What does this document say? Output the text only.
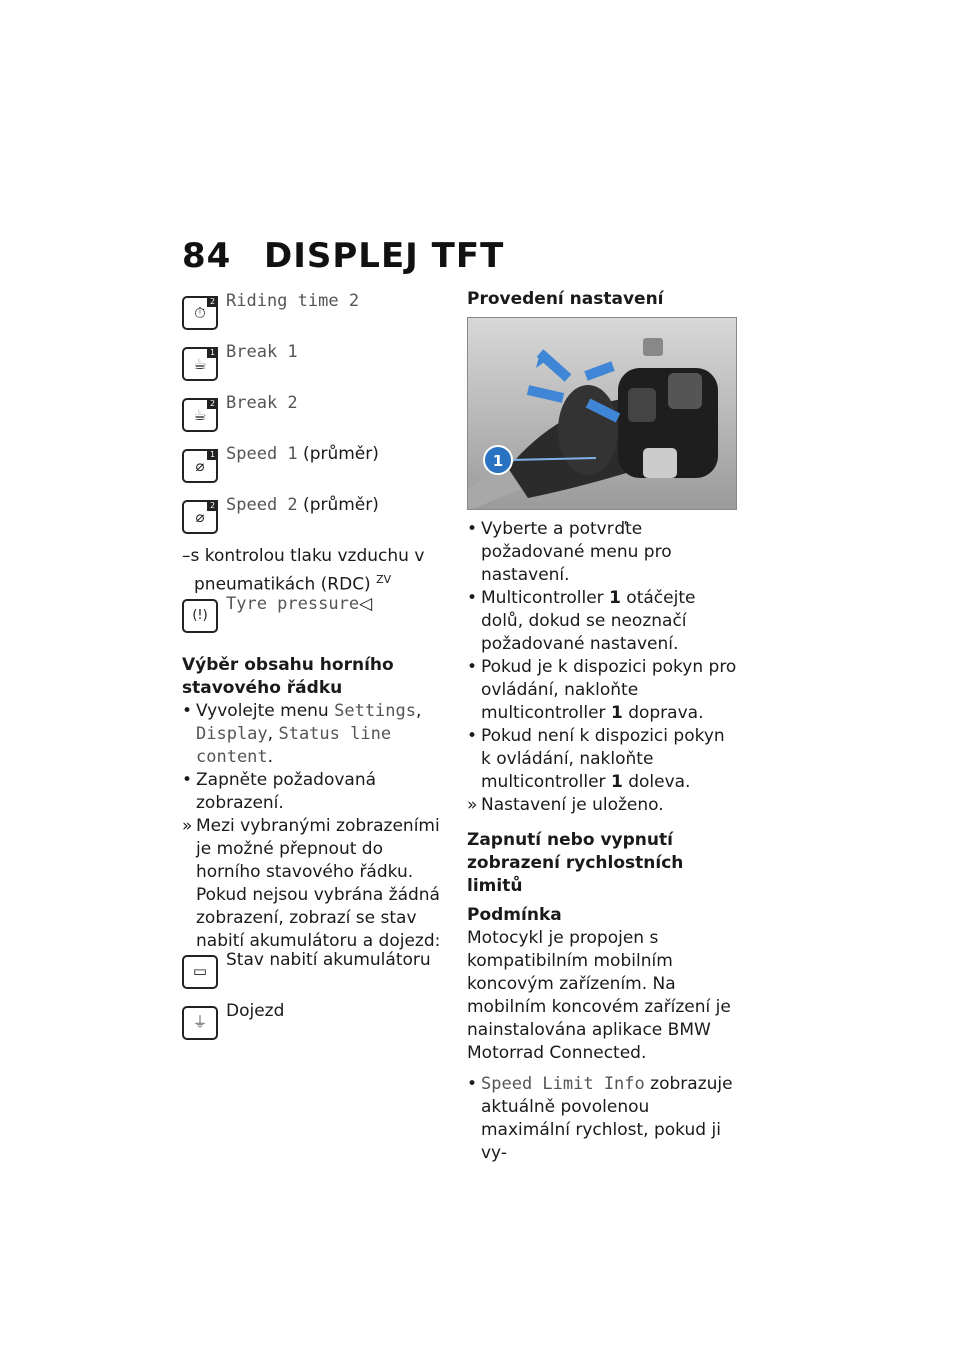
84 DISPLEJ TFT
⏱
2 Riding time 2
☕
1 Break 1
☕
2 Break 2
⌀
1 Speed 1 (průměr)
⌀
2 Speed 2 (průměr)
–s kontrolou tlaku vzduchu v pneumatikách (RDC) $^{ZV}$
(!)
Tyre pressure◁
Výběr obsahu horního stavového řádku
• Vyvolejte menu Settings, Display, Status line content.
• Zapněte požadovaná zobrazení.
» Mezi vybranými zobrazeními je možné přepnout do horního stavového řádku. Pokud nejsou vybrána žádná zobrazení, zobrazí se stav nabití akumulátoru a dojezd:
▭
Stav nabití akumulátoru
⏚
Dojezd
Provedení nastavení
1
• Vyberte a potvrďte požadované menu pro nastavení.
• Multicontroller 1 otáčejte dolů, dokud se neoznačí požadované nastavení.
• Pokud je k dispozici pokyn pro ovládání, nakloňte multicontroller 1 doprava.
• Pokud není k dispozici pokyn k ovládání, nakloňte multicontroller 1 doleva.
» Nastavení je uloženo.
Zapnutí nebo vypnutí zobrazení rychlostních limitů
Podmínka
Motocykl je propojen s kompatibilním mobilním koncovým zařízením. Na mobilním koncovém zařízení je nainstalována aplikace BMW Motorrad Connected.
• Speed Limit Info zobrazuje aktuálně povolenou maximální rychlost, pokud ji vy-
